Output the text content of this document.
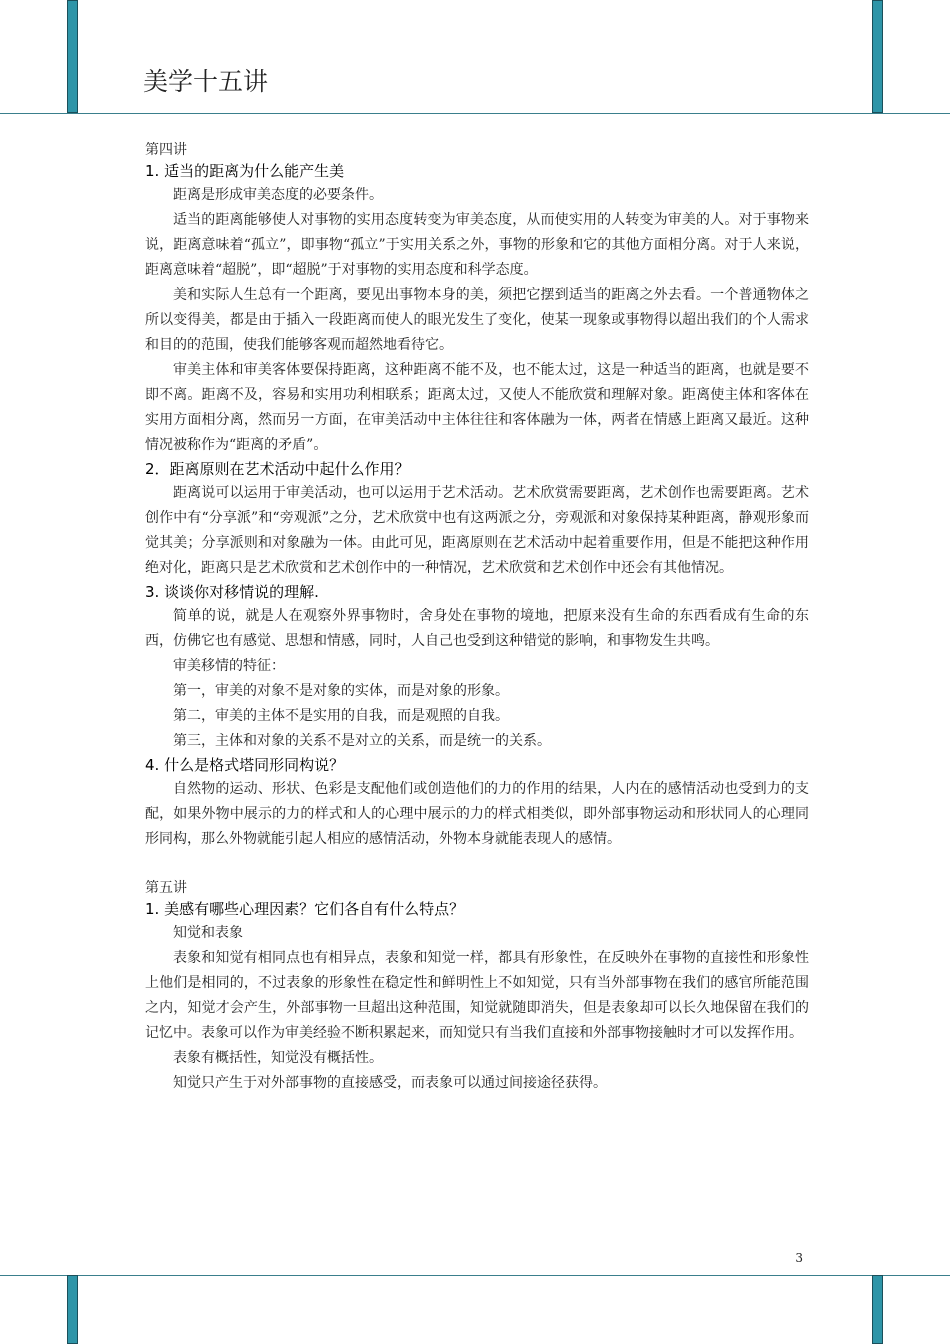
美学十五讲

第四讲

1. 适当的距离为什么能产生美

距离是形成审美态度的必要条件。

适当的距离能够使人对事物的实用态度转变为审美态度，从而使实用的人转变为审美的人。对于事物来说，距离意味着“孤立”，即事物“孤立”于实用关系之外，事物的形象和它的其他方面相分离。对于人来说，距离意味着“超脱”，即“超脱”于对事物的实用态度和科学态度。

美和实际人生总有一个距离，要见出事物本身的美，须把它摆到适当的距离之外去看。一个普通物体之所以变得美，都是由于插入一段距离而使人的眼光发生了变化，使某一现象或事物得以超出我们的个人需求和目的的范围，使我们能够客观而超然地看待它。

审美主体和审美客体要保持距离，这种距离不能不及，也不能太过，这是一种适当的距离，也就是要不即不离。距离不及，容易和实用功利相联系；距离太过，又使人不能欣赏和理解对象。距离使主体和客体在实用方面相分离，然而另一方面，在审美活动中主体往往和客体融为一体，两者在情感上距离又最近。这种情况被称作为“距离的矛盾”。

2．距离原则在艺术活动中起什么作用？

距离说可以运用于审美活动，也可以运用于艺术活动。艺术欣赏需要距离，艺术创作也需要距离。艺术创作中有“分享派”和“旁观派”之分，艺术欣赏中也有这两派之分，旁观派和对象保持某种距离，静观形象而觉其美；分享派则和对象融为一体。由此可见，距离原则在艺术活动中起着重要作用，但是不能把这种作用绝对化，距离只是艺术欣赏和艺术创作中的一种情况，艺术欣赏和艺术创作中还会有其他情况。

3. 谈谈你对移情说的理解.

简单的说，就是人在观察外界事物时，舍身处在事物的境地，把原来没有生命的东西看成有生命的东西，仿佛它也有感觉、思想和情感，同时，人自己也受到这种错觉的影响，和事物发生共鸣。

审美移情的特征：

第一，审美的对象不是对象的实体，而是对象的形象。

第二，审美的主体不是实用的自我，而是观照的自我。

第三，主体和对象的关系不是对立的关系，而是统一的关系。

4. 什么是格式塔同形同构说？

自然物的运动、形状、色彩是支配他们或创造他们的力的作用的结果，人内在的感情活动也受到力的支配，如果外物中展示的力的样式和人的心理中展示的力的样式相类似，即外部事物运动和形状同人的心理同形同构，那么外物就能引起人相应的感情活动，外物本身就能表现人的感情。

第五讲

1. 美感有哪些心理因素？它们各自有什么特点？

知觉和表象

表象和知觉有相同点也有相异点，表象和知觉一样，都具有形象性，在反映外在事物的直接性和形象性上他们是相同的，不过表象的形象性在稳定性和鲜明性上不如知觉，只有当外部事物在我们的感官所能范围之内，知觉才会产生，外部事物一旦超出这种范围，知觉就随即消失，但是表象却可以长久地保留在我们的记忆中。表象可以作为审美经验不断积累起来，而知觉只有当我们直接和外部事物接触时才可以发挥作用。

表象有概括性，知觉没有概括性。

知觉只产生于对外部事物的直接感受，而表象可以通过间接途径获得。

3
